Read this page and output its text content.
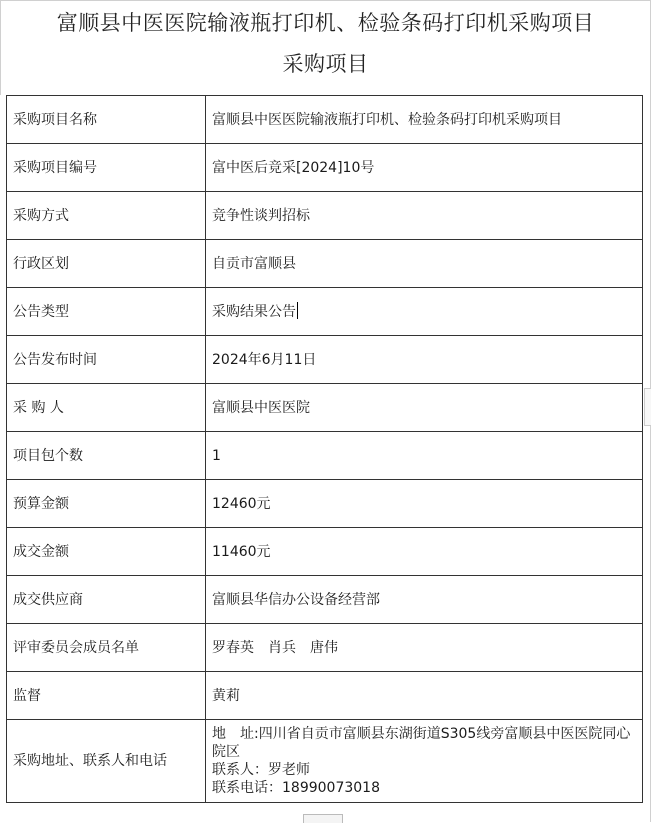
富顺县中医医院输液瓶打印机、检验条码打印机采购项目
采购项目
采购项目名称	富顺县中医医院输液瓶打印机、检验条码打印机采购项目
采购项目编号	富中医后竞采[2024]10号
采购方式	竞争性谈判招标
行政区划	自贡市富顺县
公告类型	采购结果公告
公告发布时间	2024年6月11日
采 购 人	富顺县中医医院
项目包个数	1
预算金额	12460元
成交金额	11460元
成交供应商	富顺县华信办公设备经营部
评审委员会成员名单	罗春英　肖兵　唐伟
监督	黄莉
采购地址、联系人和电话	地　址:四川省自贡市富顺县东湖街道S305线旁富顺县中医医院同心院区
联系人：罗老师
联系电话：18990073018
